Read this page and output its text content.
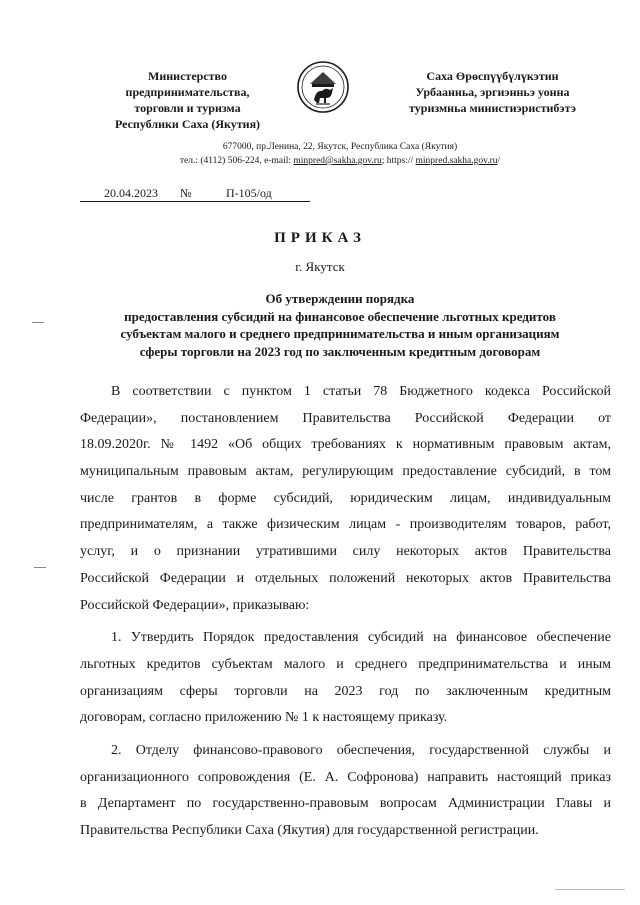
Министерство
предпринимательства,
торговли и туризма
Республики Саха (Якутия)
Саха Өрөспүүбүлүкэтин
Урбаанньа, эргиэнньэ уонна
туризмньа министиэристибэтэ
677000, пр.Ленина, 22, Якутск, Республика Саха (Якутия)
тел.: (4112) 506-224, e-mail: minpred@sakha.gov.ru; https:// minpred.sakha.gov.ru/
20.04.2023 №	П-105/од
ПРИКАЗ
г. Якутск
Об утверждении порядка
предоставления субсидий на финансовое обеспечение льготных кредитов
субъектам малого и среднего предпринимательства и иным организациям
сферы торговли на 2023 год по заключенным кредитным договорам
В соответствии с пунктом 1 статьи 78 Бюджетного кодекса Российской
Федерации», постановлением Правительства Российской Федерации от
18.09.2020г. № 1492 «Об общих требованиях к нормативным правовым актам,
муниципальным правовым актам, регулирующим предоставление субсидий, в том
числе грантов в форме субсидий, юридическим лицам, индивидуальным
предпринимателям, а также физическим лицам - производителям товаров, работ,
услуг, и о признании утратившими силу некоторых актов Правительства
Российской Федерации и отдельных положений некоторых актов Правительства
Российской Федерации», приказываю:
1. Утвердить Порядок предоставления субсидий на финансовое обеспечение
льготных кредитов субъектам малого и среднего предпринимательства и иным
организациям сферы торговли на 2023 год по заключенным кредитным
договорам, согласно приложению № 1 к настоящему приказу.
2. Отделу финансово-правового обеспечения, государственной службы и
организационного сопровождения (Е. А. Софронова) направить настоящий приказ
в Департамент по государственно-правовым вопросам Администрации Главы и
Правительства Республики Саха (Якутия) для государственной регистрации.
